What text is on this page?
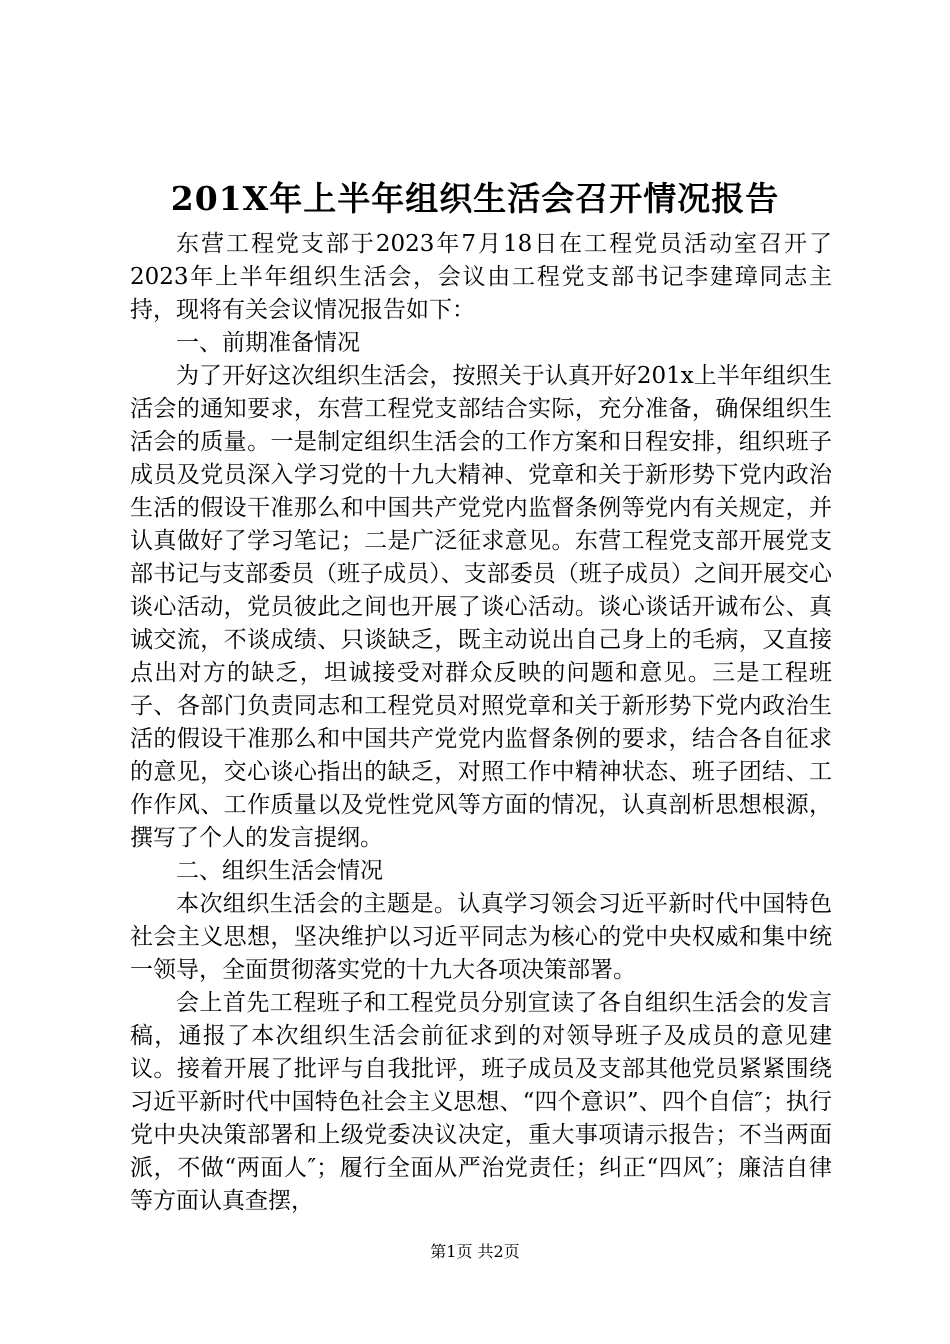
201X年上半年组织生活会召开情况报告

东营工程党支部于2023年7月18日在工程党员活动室召开了2023年上半年组织生活会，会议由工程党支部书记李建璋同志主持，现将有关会议情况报告如下：

一、前期准备情况

为了开好这次组织生活会，按照关于认真开好201x上半年组织生活会的通知要求，东营工程党支部结合实际，充分准备，确保组织生活会的质量。一是制定组织生活会的工作方案和日程安排，组织班子成员及党员深入学习党的十九大精神、党章和关于新形势下党内政治生活的假设干准那么和中国共产党党内监督条例等党内有关规定，并认真做好了学习笔记；二是广泛征求意见。东营工程党支部开展党支部书记与支部委员（班子成员）、支部委员（班子成员）之间开展交心谈心活动，党员彼此之间也开展了谈心活动。谈心谈话开诚布公、真诚交流，不谈成绩、只谈缺乏，既主动说出自己身上的毛病，又直接点出对方的缺乏，坦诚接受对群众反映的问题和意见。三是工程班子、各部门负责同志和工程党员对照党章和关于新形势下党内政治生活的假设干准那么和中国共产党党内监督条例的要求，结合各自征求的意见，交心谈心指出的缺乏，对照工作中精神状态、班子团结、工作作风、工作质量以及党性党风等方面的情况，认真剖析思想根源，撰写了个人的发言提纲。

二、组织生活会情况

本次组织生活会的主题是。认真学习领会习近平新时代中国特色社会主义思想，坚决维护以习近平同志为核心的党中央权威和集中统一领导，全面贯彻落实党的十九大各项决策部署。

会上首先工程班子和工程党员分别宣读了各自组织生活会的发言稿，通报了本次组织生活会前征求到的对领导班子及成员的意见建议。接着开展了批评与自我批评，班子成员及支部其他党员紧紧围绕习近平新时代中国特色社会主义思想、“四个意识”、四个自信″；执行党中央决策部署和上级党委决议决定，重大事项请示报告；不当两面派，不做“两面人″；履行全面从严治党责任；纠正“四风″；廉洁自律等方面认真查摆，

第1页 共2页
